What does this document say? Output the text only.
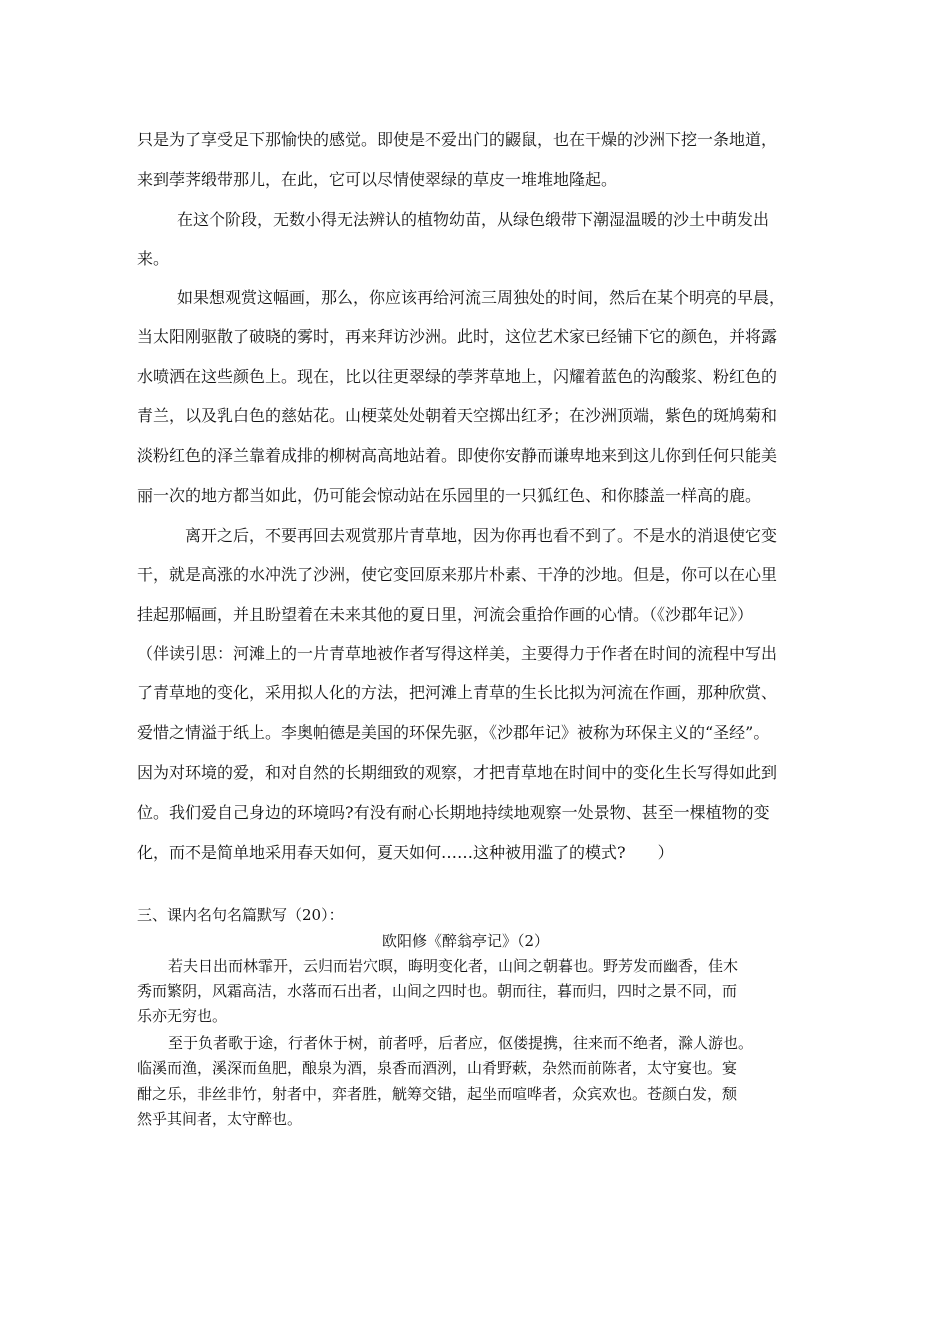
只是为了享受足下那愉快的感觉。即使是不爱出门的鼹鼠，也在干燥的沙洲下挖一条地道，
来到荸荠缎带那儿，在此，它可以尽情使翠绿的草皮一堆堆地隆起。
在这个阶段，无数小得无法辨认的植物幼苗，从绿色缎带下潮湿温暖的沙土中萌发出
来。
如果想观赏这幅画，那么，你应该再给河流三周独处的时间，然后在某个明亮的早晨，
当太阳刚驱散了破晓的雾时，再来拜访沙洲。此时，这位艺术家已经铺下它的颜色，并将露
水喷洒在这些颜色上。现在，比以往更翠绿的荸荠草地上，闪耀着蓝色的沟酸浆、粉红色的
青兰，以及乳白色的慈姑花。山梗菜处处朝着天空掷出红矛；在沙洲顶端，紫色的斑鸠菊和
淡粉红色的泽兰靠着成排的柳树高高地站着。即使你安静而谦卑地来到这儿你到任何只能美
丽一次的地方都当如此，仍可能会惊动站在乐园里的一只狐红色、和你膝盖一样高的鹿。
离开之后，不要再回去观赏那片青草地，因为你再也看不到了。不是水的消退使它变
干，就是高涨的水冲洗了沙洲，使它变回原来那片朴素、干净的沙地。但是，你可以在心里
挂起那幅画，并且盼望着在未来其他的夏日里，河流会重拾作画的心情。（《沙郡年记》）
（伴读引思：河滩上的一片青草地被作者写得这样美，主要得力于作者在时间的流程中写出
了青草地的变化，采用拟人化的方法，把河滩上青草的生长比拟为河流在作画，那种欣赏、
爱惜之情溢于纸上。李奥帕德是美国的环保先驱，《沙郡年记》被称为环保主义的“圣经”。
因为对环境的爱，和对自然的长期细致的观察，才把青草地在时间中的变化生长写得如此到
位。我们爱自己身边的环境吗?有没有耐心长期地持续地观察一处景物、甚至一棵植物的变
化，而不是简单地采用春天如何，夏天如何……这种被用滥了的模式?　　）
三、课内名句名篇默写（20）：
欧阳修《醉翁亭记》（2）
若夫日出而林霏开，云归而岩穴暝，晦明变化者，山间之朝暮也。野芳发而幽香，佳木
秀而繁阴，风霜高洁，水落而石出者，山间之四时也。朝而往，暮而归，四时之景不同，而
乐亦无穷也。
至于负者歌于途，行者休于树，前者呼，后者应，伛偻提携，往来而不绝者，滁人游也。
临溪而渔，溪深而鱼肥，酿泉为酒，泉香而酒洌，山肴野蔌，杂然而前陈者，太守宴也。宴
酣之乐，非丝非竹，射者中，弈者胜，觥筹交错，起坐而喧哗者，众宾欢也。苍颜白发，颓
然乎其间者，太守醉也。
